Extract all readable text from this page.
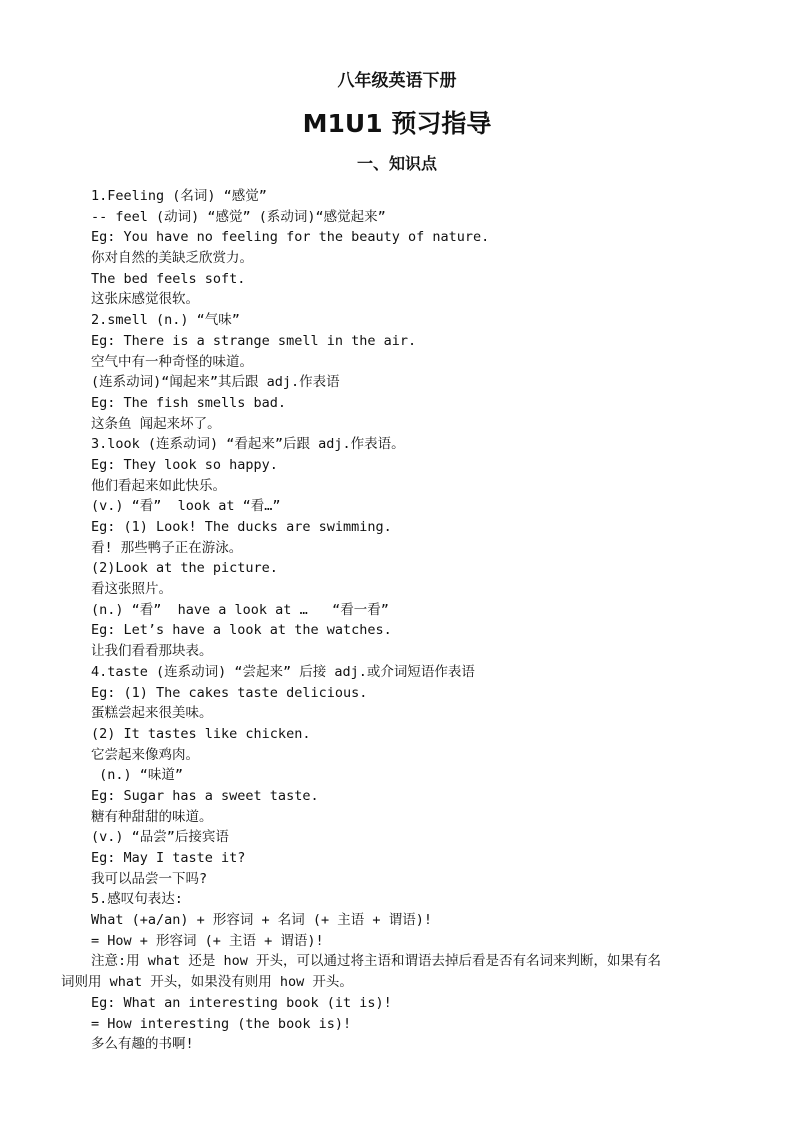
八年级英语下册
M1U1 预习指导
一、知识点
1.Feeling (名词) “感觉”
-- feel (动词) “感觉” (系动词)“感觉起来”
Eg: You have no feeling for the beauty of nature.
你对自然的美缺乏欣赏力。
The bed feels soft.
这张床感觉很软。
2.smell (n.) “气味”
Eg: There is a strange smell in the air.
空气中有一种奇怪的味道。
(连系动词)“闻起来”其后跟 adj.作表语
Eg: The fish smells bad.
这条鱼 闻起来坏了。
3.look (连系动词) “看起来”后跟 adj.作表语。
Eg: They look so happy.
他们看起来如此快乐。
(v.) “看”  look at “看…”
Eg: (1) Look! The ducks are swimming.
看! 那些鸭子正在游泳。
(2)Look at the picture.
看这张照片。
(n.) “看”  have a look at …   “看一看”
Eg: Let’s have a look at the watches.
让我们看看那块表。
4.taste (连系动词) “尝起来” 后接 adj.或介词短语作表语
Eg: (1) The cakes taste delicious.
蛋糕尝起来很美味。
(2) It tastes like chicken.
它尝起来像鸡肉。
(n.) “味道”
Eg: Sugar has a sweet taste.
糖有种甜甜的味道。
(v.) “品尝”后接宾语
Eg: May I taste it?
我可以品尝一下吗?
5.感叹句表达:
What (+a/an) + 形容词 + 名词 (+ 主语 + 谓语)!
= How + 形容词 (+ 主语 + 谓语)!
注意:用 what 还是 how 开头，可以通过将主语和谓语去掉后看是否有名词来判断，如果有名
词则用 what 开头，如果没有则用 how 开头。
Eg: What an interesting book (it is)!
= How interesting (the book is)!
多么有趣的书啊!
